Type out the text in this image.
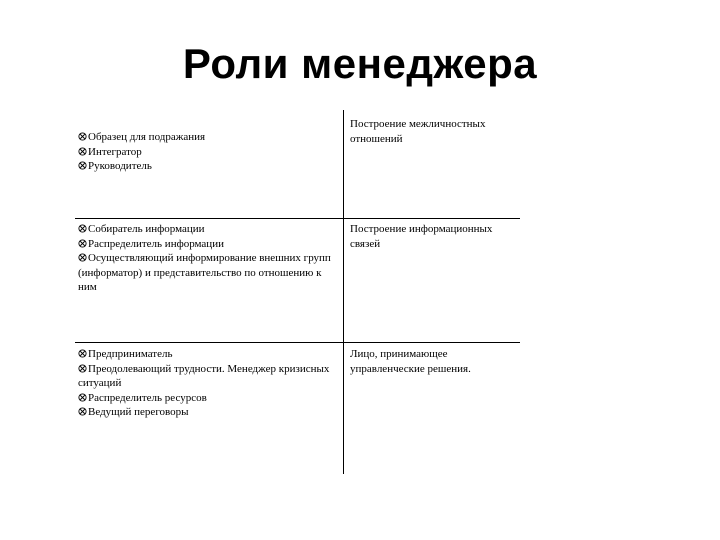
Роли менеджера
Образец для подражания
Интегратор
Руководитель
Построение межличностных отношений
Собиратель информации
Распределитель информации
Осуществляющий информирование внешних групп (информатор) и представительство по отношению к ним
Построение информационных связей
Предприниматель
Преодолевающий трудности. Менеджер кризисных ситуаций
Распределитель ресурсов
Ведущий переговоры
Лицо, принимающее управленческие решения.
